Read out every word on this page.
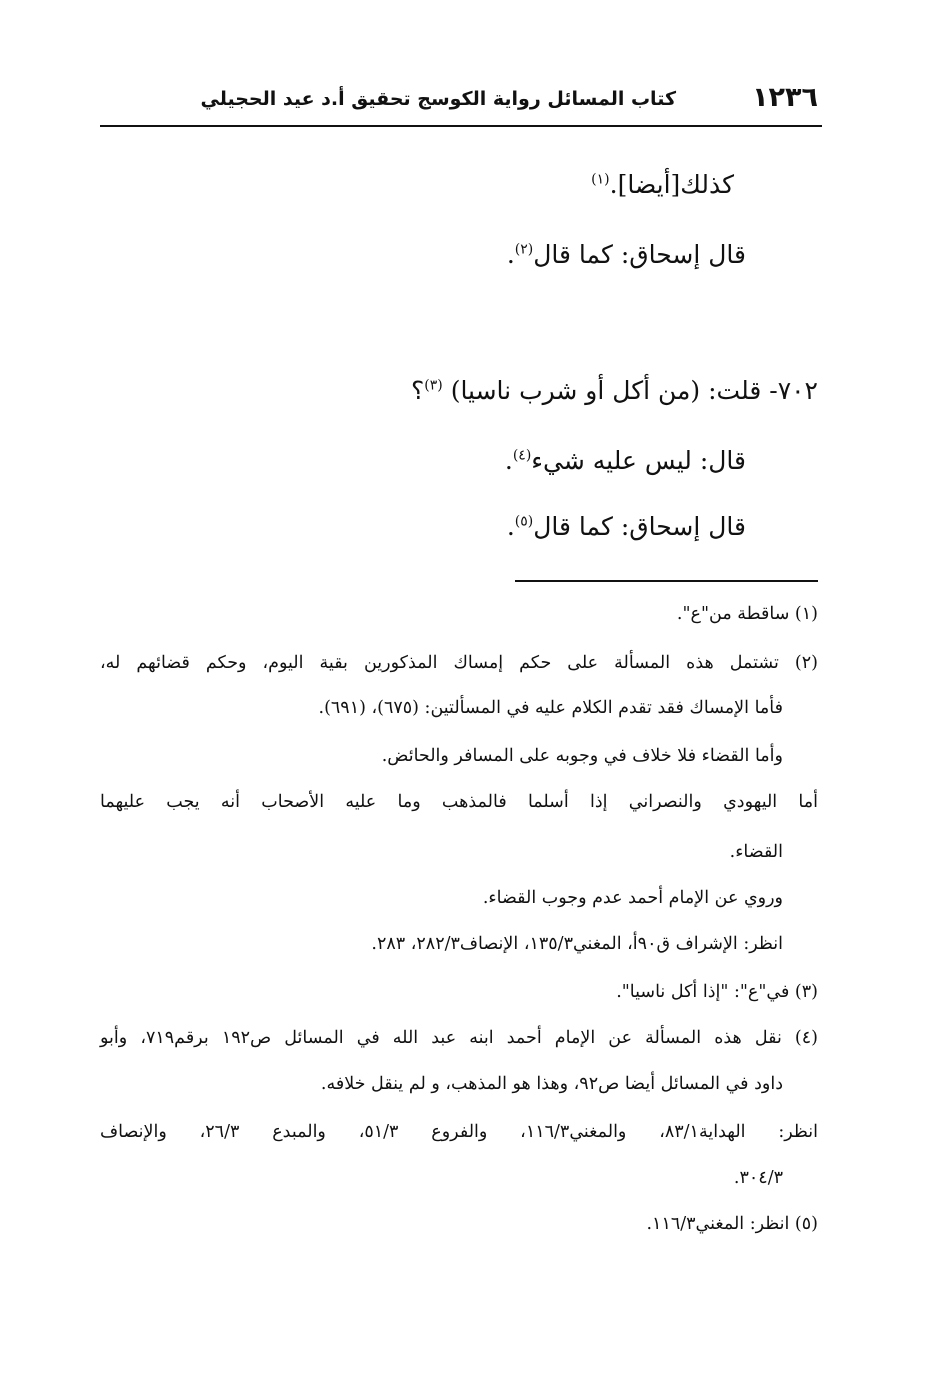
١٢٣٦
كتاب المسائل رواية الكوسج تحقيق أ.د عيد الحجيلي
كذلك[أيضا].$^{(١)}$
قال إسحاق: كما قال$^{(٢)}$.
٧٠٢- قلت: (من أكل أو شرب ناسيا) $^{(٣)}$؟
قال: ليس عليه شيء$^{(٤)}$.
قال إسحاق: كما قال$^{(٥)}$.
(١) ساقطة من"ع".
(٢) تشتمل هذه المسألة على حكم إمساك المذكورين بقية اليوم، وحكم قضائهم له،
فأما الإمساك فقد تقدم الكلام عليه في المسألتين: (٦٧٥)، (٦٩١).
وأما القضاء فلا خلاف في وجوبه على المسافر والحائض.
أما اليهودي والنصراني إذا أسلما فالمذهب وما عليه الأصحاب أنه يجب عليهما
القضاء.
وروي عن الإمام أحمد عدم وجوب القضاء.
انظر: الإشراف ق٩٠أ، المغني١٣٥/٣، الإنصاف٢٨٢/٣، ٢٨٣.
(٣) في"ع": "إذا أكل ناسيا".
(٤) نقل هذه المسألة عن الإمام أحمد ابنه عبد الله في المسائل ص١٩٢ برقم٧١٩، وأبو
داود في المسائل أيضا ص٩٢، وهذا هو المذهب، و لم ينقل خلافه.
انظر: الهداية٨٣/١، والمغني١١٦/٣، والفروع ٥١/٣، والمبدع ٢٦/٣، والإنصاف
٣٠٤/٣.
(٥) انظر: المغني١١٦/٣.
